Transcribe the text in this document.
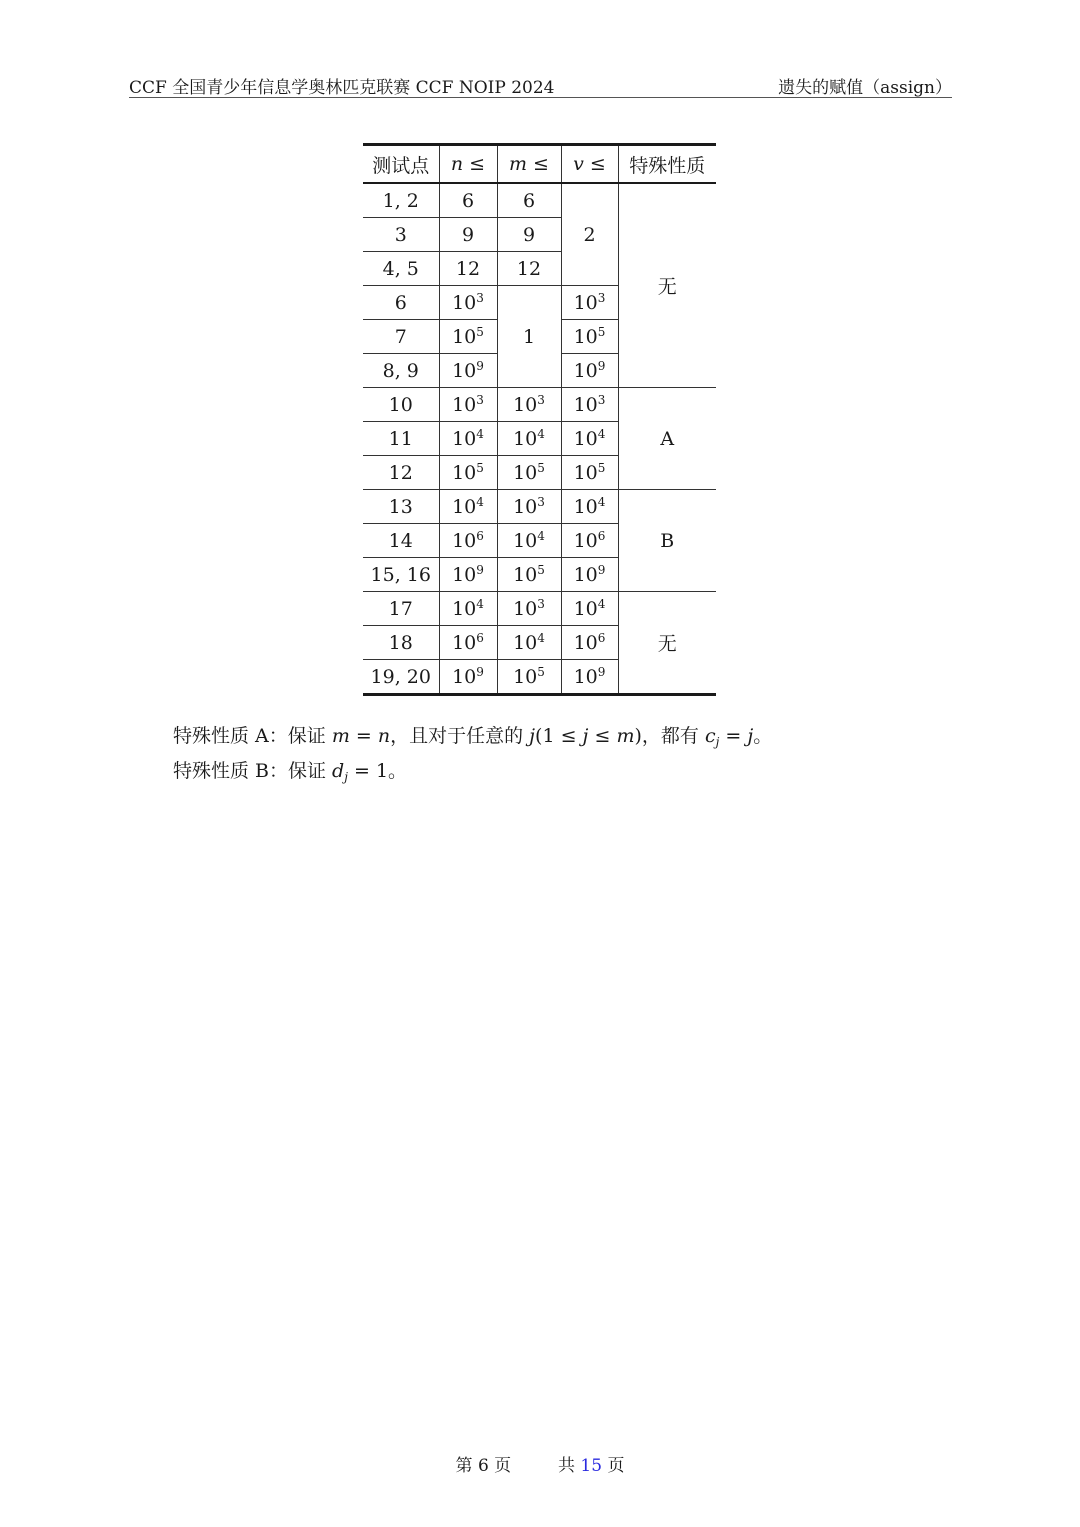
CCF 全国青少年信息学奥林匹克联赛 CCF NOIP 2024	遗失的赋值（assign）
测试点	n ≤	m ≤	v ≤	特殊性质
1, 2	6	6	2	无
3	9	9		
4, 5	12	12		
6	$10^3$	1	$10^3$
7	$10^5$		$10^5$
8, 9	$10^9$		$10^9$
10	$10^3$	$10^3$	$10^3$	A
11	$10^4$	$10^4$	$10^4$
12	$10^5$	$10^5$	$10^5$
13	$10^4$	$10^3$	$10^4$	B
14	$10^6$	$10^4$	$10^6$
15, 16	$10^9$	$10^5$	$10^9$
17	$10^4$	$10^3$	$10^4$	无
18	$10^6$	$10^4$	$10^6$
19, 20	$10^9$	$10^5$	$10^9$
特殊性质 A：保证 m = n，且对于任意的 j(1 ≤ j ≤ m)，都有 $c_j = j$。
特殊性质 B：保证 $d_j = 1$。
第 6 页	共 15 页
